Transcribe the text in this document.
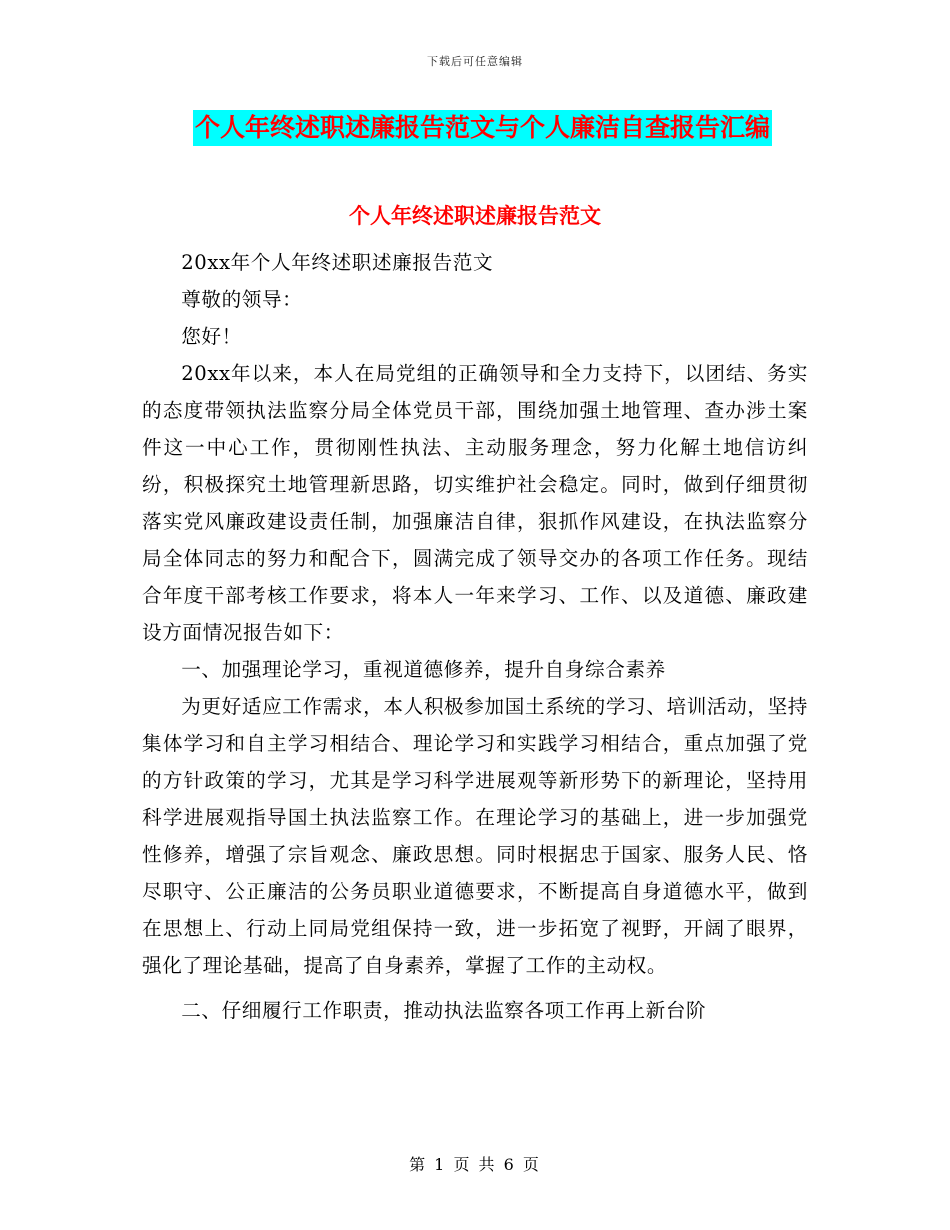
下载后可任意编辑
个人年终述职述廉报告范文与个人廉洁自查报告汇编
个人年终述职述廉报告范文

20xx年个人年终述职述廉报告范文

尊敬的领导：

您好！

20xx年以来，本人在局党组的正确领导和全力支持下，以团结、务实的态度带领执法监察分局全体党员干部，围绕加强土地管理、查办涉土案件这一中心工作，贯彻刚性执法、主动服务理念，努力化解土地信访纠纷，积极探究土地管理新思路，切实维护社会稳定。同时，做到仔细贯彻落实党风廉政建设责任制，加强廉洁自律，狠抓作风建设，在执法监察分局全体同志的努力和配合下，圆满完成了领导交办的各项工作任务。现结合年度干部考核工作要求，将本人一年来学习、工作、以及道德、廉政建设方面情况报告如下：

一、加强理论学习，重视道德修养，提升自身综合素养

为更好适应工作需求，本人积极参加国土系统的学习、培训活动，坚持集体学习和自主学习相结合、理论学习和实践学习相结合，重点加强了党的方针政策的学习，尤其是学习科学进展观等新形势下的新理论，坚持用科学进展观指导国土执法监察工作。在理论学习的基础上，进一步加强党性修养，增强了宗旨观念、廉政思想。同时根据忠于国家、服务人民、恪尽职守、公正廉洁的公务员职业道德要求，不断提高自身道德水平，做到在思想上、行动上同局党组保持一致，进一步拓宽了视野，开阔了眼界，强化了理论基础，提高了自身素养，掌握了工作的主动权。

二、仔细履行工作职责，推动执法监察各项工作再上新台阶

第 1 页 共 6 页
